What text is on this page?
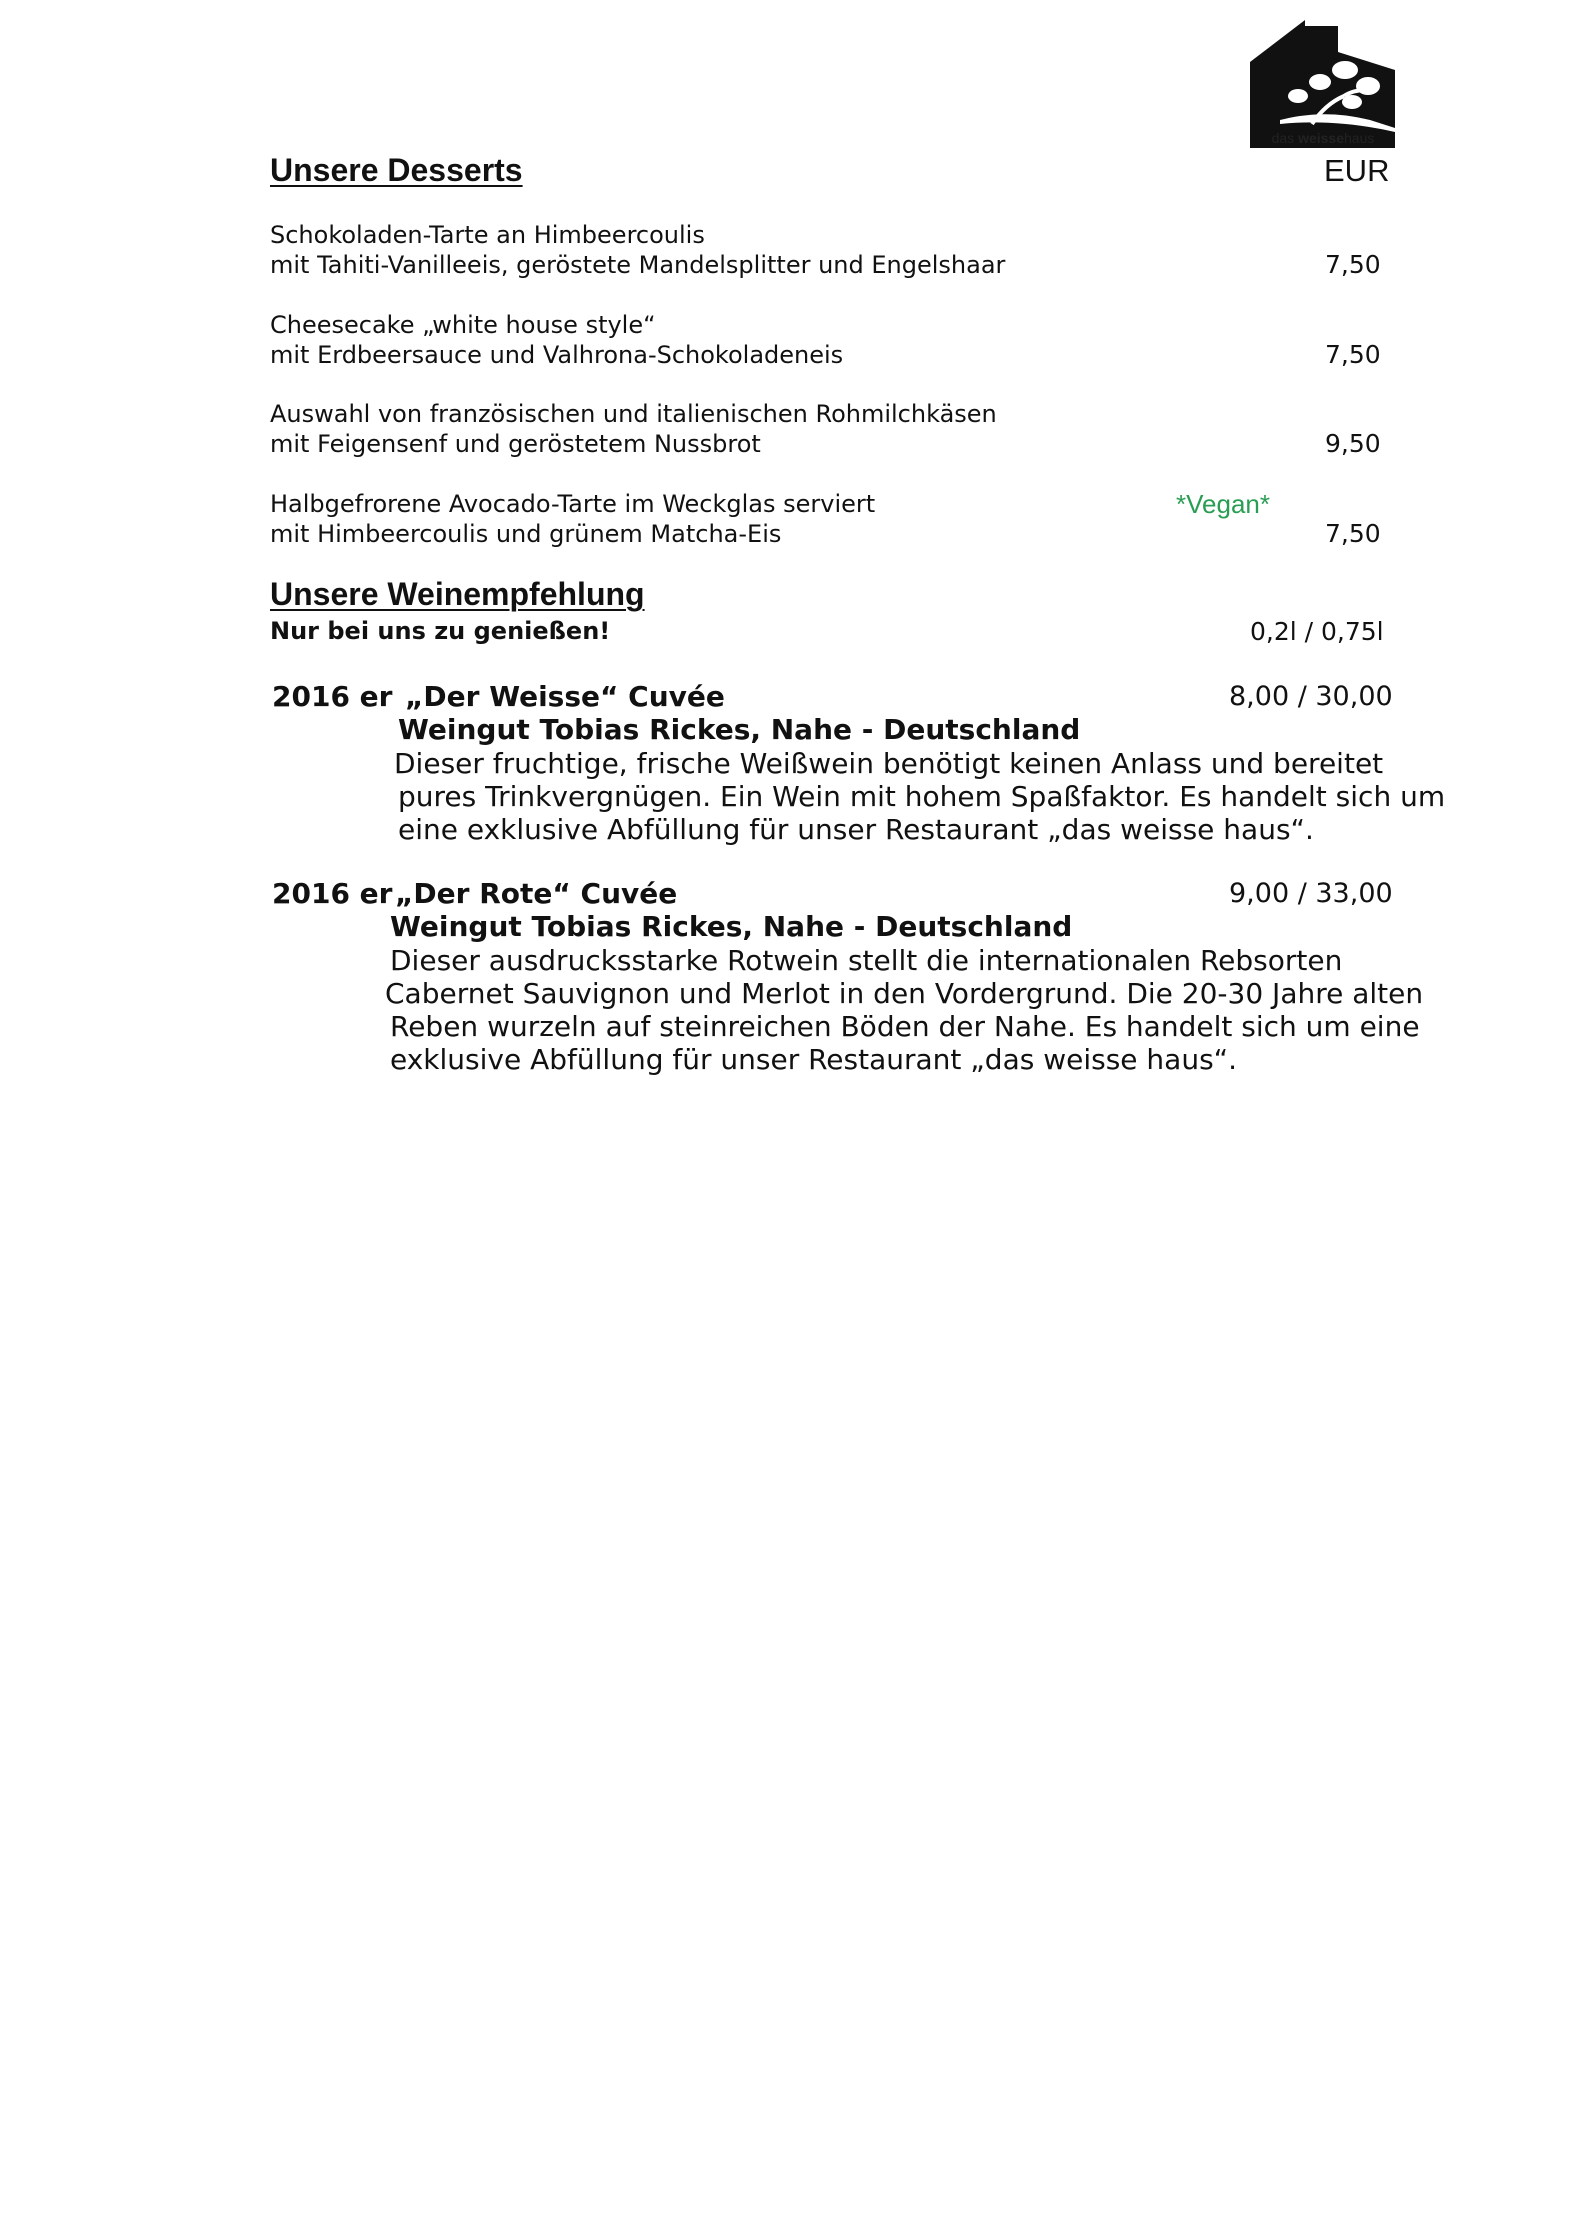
das weissehaus
Unsere Desserts	EUR
Schokoladen-Tarte an Himbeercoulis
mit Tahiti-Vanilleeis, geröstete Mandelsplitter und Engelshaar	7,50
Cheesecake „white house style“
mit Erdbeersauce und Valhrona-Schokoladeneis	7,50
Auswahl von französischen und italienischen Rohmilchkäsen
mit Feigensenf und geröstetem Nussbrot	9,50
Halbgefrorene Avocado-Tarte im Weckglas serviert	*Vegan*
mit Himbeercoulis und grünem Matcha-Eis	7,50
Unsere Weinempfehlung
Nur bei uns zu genießen!	0,2l / 0,75l
2016 er „Der Weisse“ Cuvée	8,00 / 30,00
Weingut Tobias Rickes, Nahe - Deutschland
Dieser fruchtige, frische Weißwein benötigt keinen Anlass und bereitet
pures Trinkvergnügen. Ein Wein mit hohem Spaßfaktor. Es handelt sich um
eine exklusive Abfüllung für unser Restaurant „das weisse haus“.
2016 er „Der Rote“ Cuvée	9,00 / 33,00
Weingut Tobias Rickes, Nahe - Deutschland
Dieser ausdrucksstarke Rotwein stellt die internationalen Rebsorten
Cabernet Sauvignon und Merlot in den Vordergrund. Die 20-30 Jahre alten
Reben wurzeln auf steinreichen Böden der Nahe. Es handelt sich um eine
exklusive Abfüllung für unser Restaurant „das weisse haus“.
